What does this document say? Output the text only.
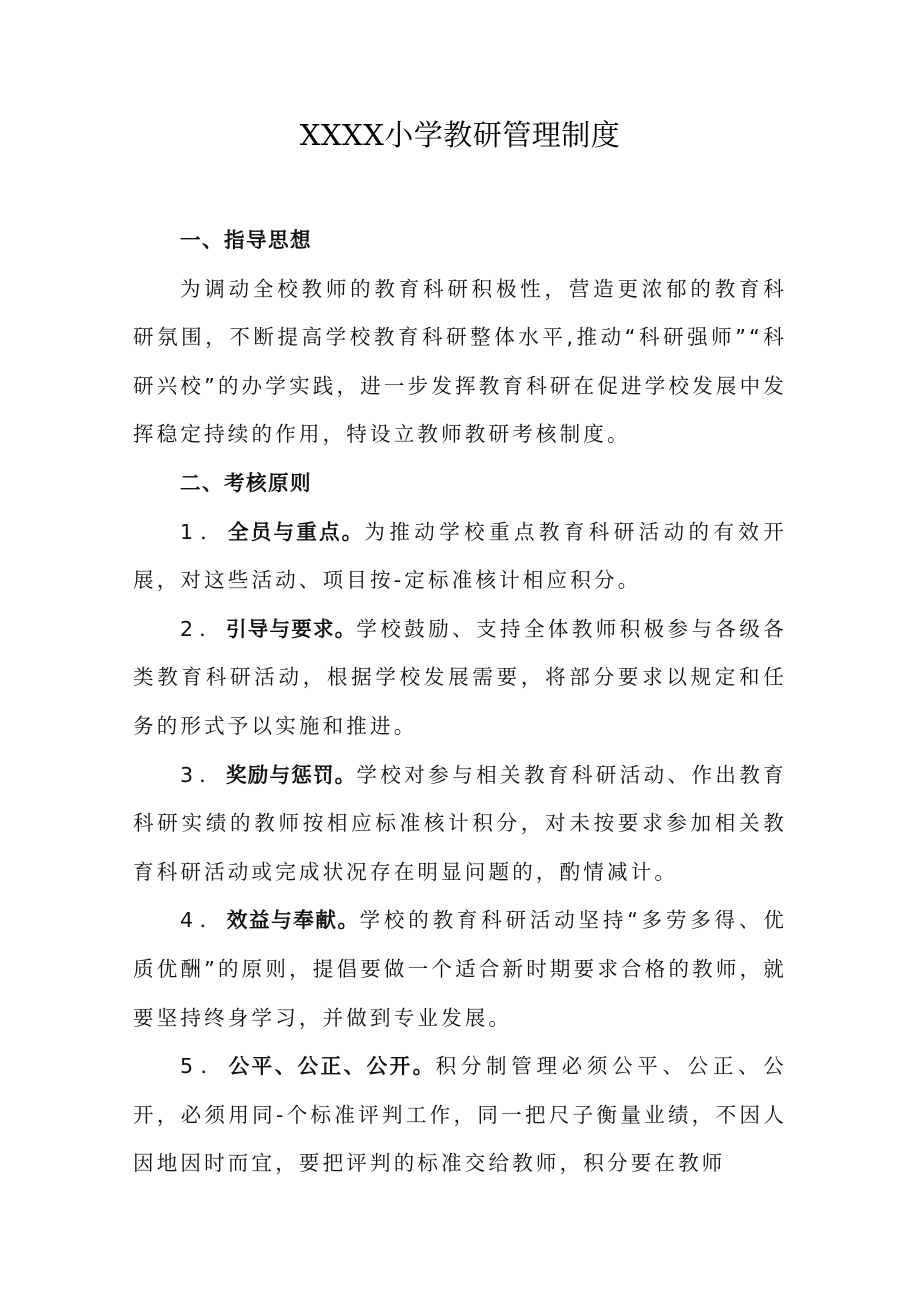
XXXX小学教研管理制度

一、指导思想

为调动全校教师的教育科研积极性，营造更浓郁的教育科研氛围，不断提高学校教育科研整体水平,推动“科研强师”“科研兴校”的办学实践，进一步发挥教育科研在促进学校发展中发挥稳定持续的作用，特设立教师教研考核制度。

二、考核原则

1．全员与重点。为推动学校重点教育科研活动的有效开展，对这些活动、项目按-定标准核计相应积分。

2．引导与要求。学校鼓励、支持全体教师积极参与各级各类教育科研活动，根据学校发展需要，将部分要求以规定和任务的形式予以实施和推进。

3．奖励与惩罚。学校对参与相关教育科研活动、作出教育科研实绩的教师按相应标准核计积分，对未按要求参加相关教育科研活动或完成状况存在明显问题的，酌情减计。

4．效益与奉献。学校的教育科研活动坚持“多劳多得、优质优酬”的原则，提倡要做一个适合新时期要求合格的教师，就要坚持终身学习，并做到专业发展。

5．公平、公正、公开。积分制管理必须公平、公正、公开，必须用同-个标准评判工作，同一把尺子衡量业绩，不因人因地因时而宜，要把评判的标准交给教师，积分要在教师
